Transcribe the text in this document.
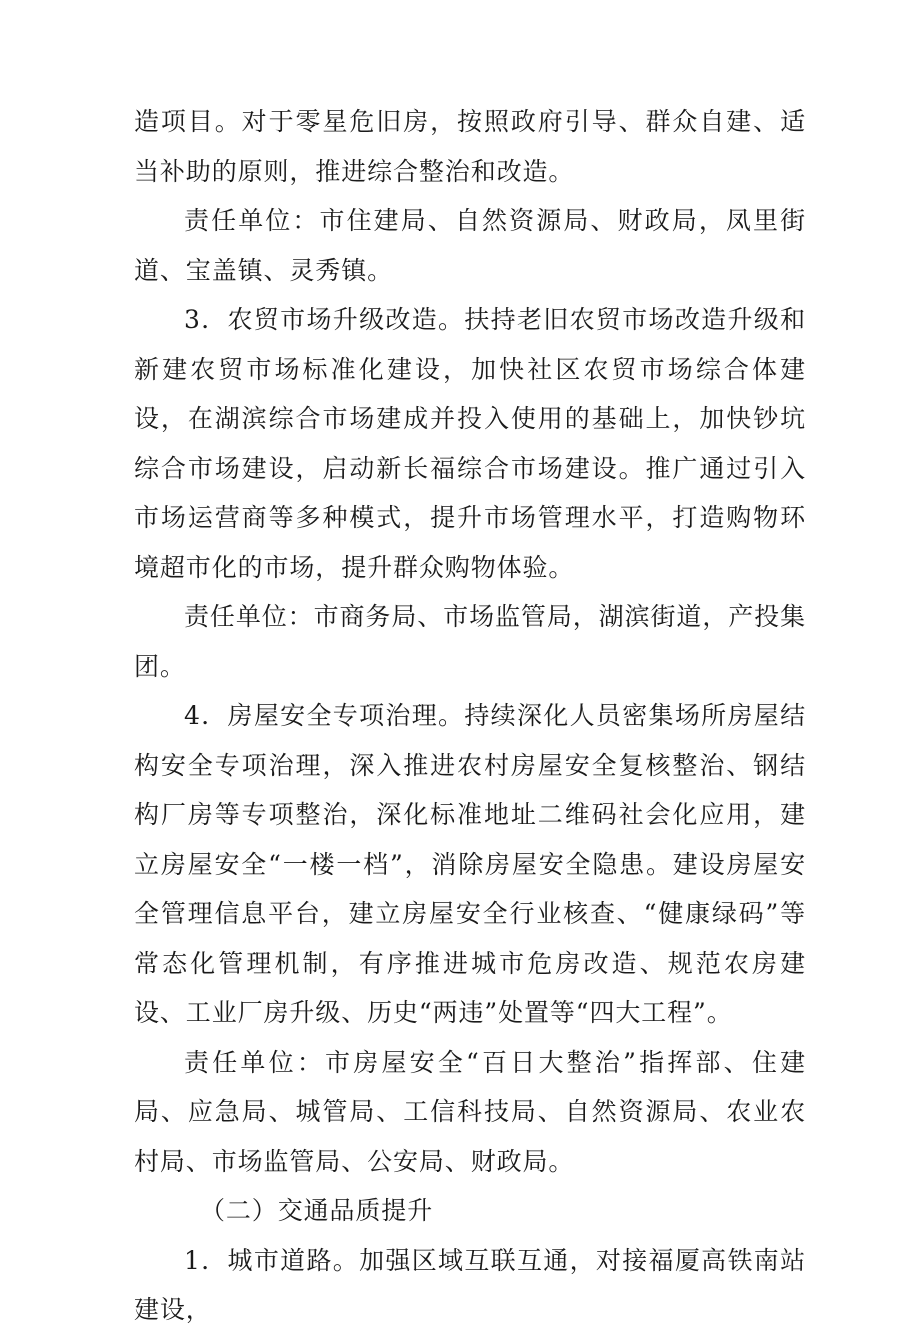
造项目。对于零星危旧房，按照政府引导、群众自建、适当补助的原则，推进综合整治和改造。

责任单位：市住建局、自然资源局、财政局，凤里街道、宝盖镇、灵秀镇。

3．农贸市场升级改造。扶持老旧农贸市场改造升级和新建农贸市场标准化建设，加快社区农贸市场综合体建设，在湖滨综合市场建成并投入使用的基础上，加快钞坑综合市场建设，启动新长福综合市场建设。推广通过引入市场运营商等多种模式，提升市场管理水平，打造购物环境超市化的市场，提升群众购物体验。

责任单位：市商务局、市场监管局，湖滨街道，产投集团。

4．房屋安全专项治理。持续深化人员密集场所房屋结构安全专项治理，深入推进农村房屋安全复核整治、钢结构厂房等专项整治，深化标准地址二维码社会化应用，建立房屋安全“一楼一档”，消除房屋安全隐患。建设房屋安全管理信息平台，建立房屋安全行业核查、“健康绿码”等常态化管理机制，有序推进城市危房改造、规范农房建设、工业厂房升级、历史“两违”处置等“四大工程”。

责任单位：市房屋安全“百日大整治”指挥部、住建局、应急局、城管局、工信科技局、自然资源局、农业农村局、市场监管局、公安局、财政局。

（二）交通品质提升

1．城市道路。加强区域互联互通，对接福厦高铁南站建设，
